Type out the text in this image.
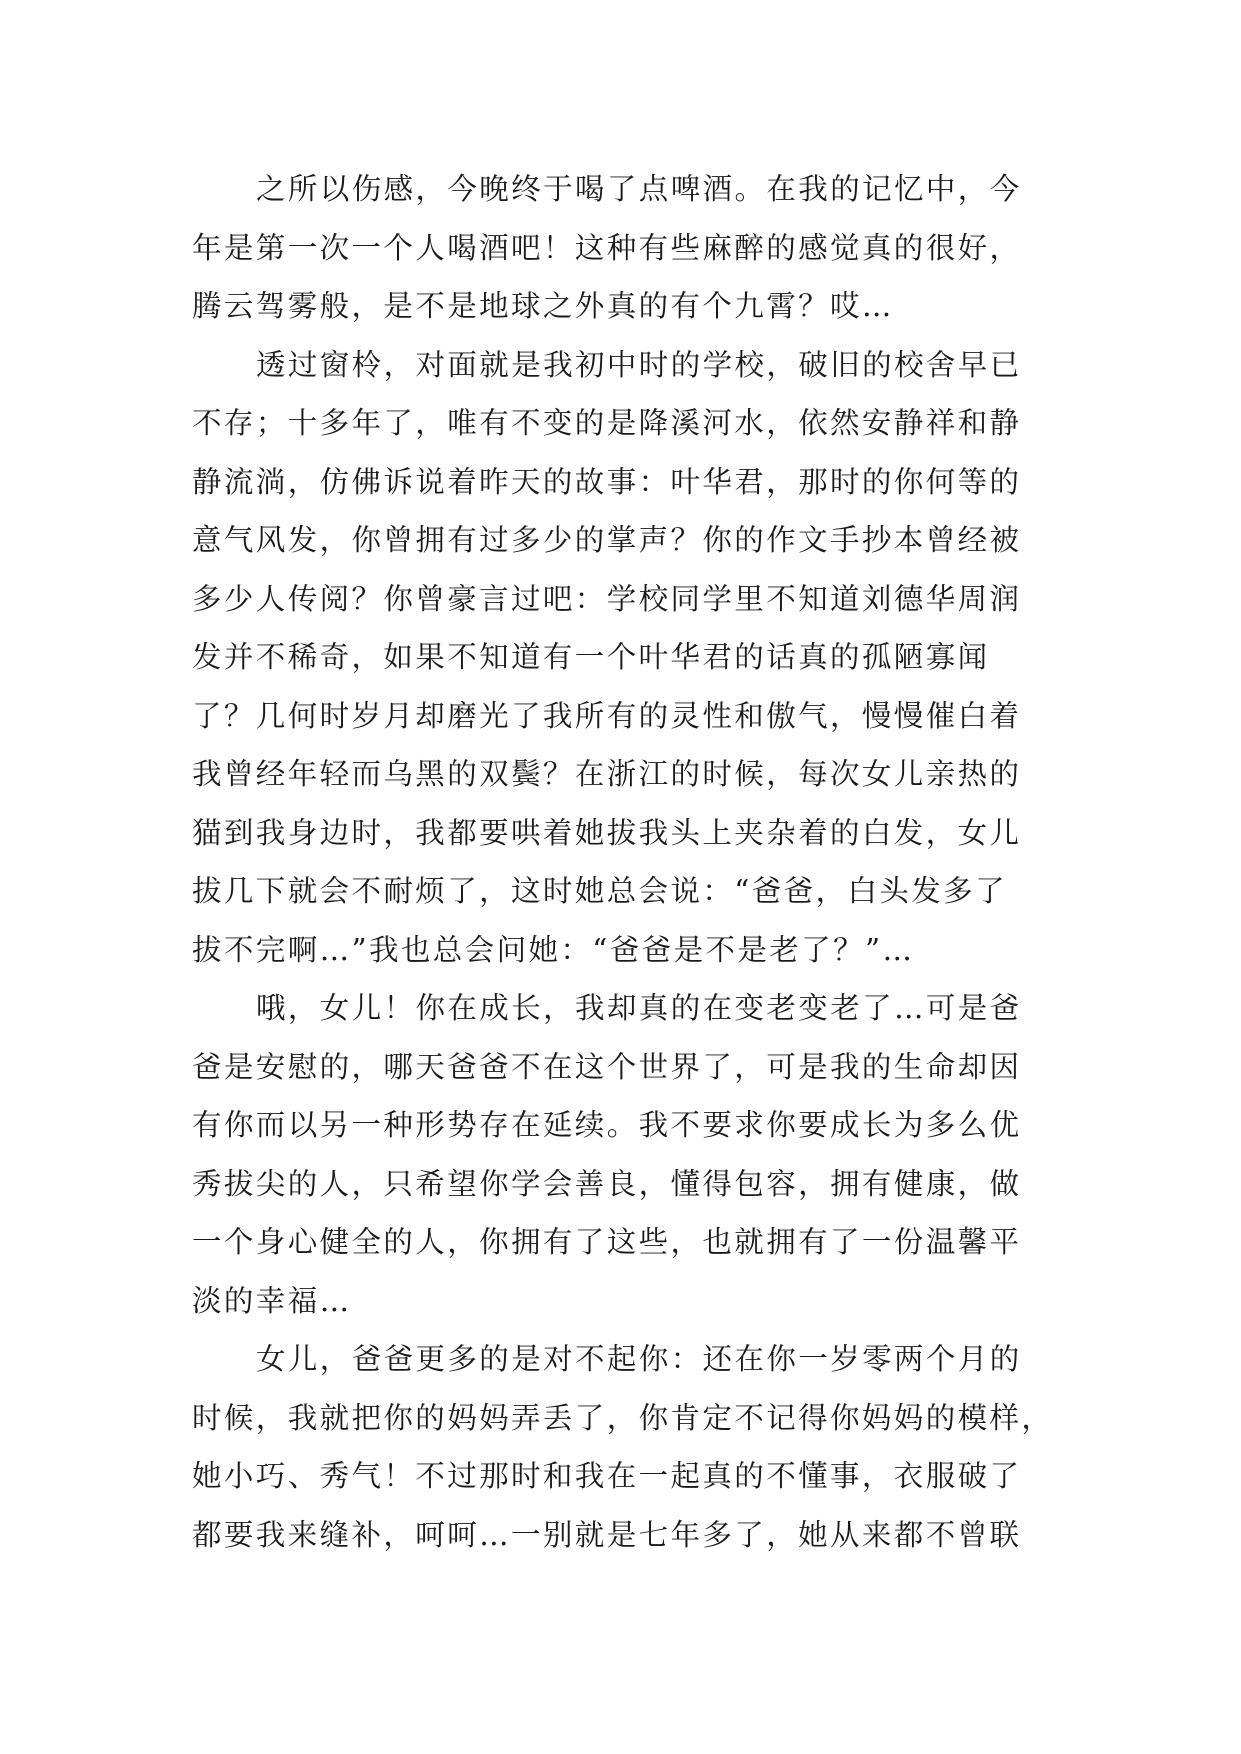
之所以伤感，今晚终于喝了点啤酒。在我的记忆中，今
年是第一次一个人喝酒吧！这种有些麻醉的感觉真的很好，
腾云驾雾般，是不是地球之外真的有个九霄？哎…

透过窗柃，对面就是我初中时的学校，破旧的校舍早已
不存；十多年了，唯有不变的是降溪河水，依然安静祥和静
静流淌，仿佛诉说着昨天的故事：叶华君，那时的你何等的
意气风发，你曾拥有过多少的掌声？你的作文手抄本曾经被
多少人传阅？你曾豪言过吧：学校同学里不知道刘德华周润
发并不稀奇，如果不知道有一个叶华君的话真的孤陋寡闻
了？几何时岁月却磨光了我所有的灵性和傲气，慢慢催白着
我曾经年轻而乌黑的双鬓？在浙江的时候，每次女儿亲热的
猫到我身边时，我都要哄着她拔我头上夹杂着的白发，女儿
拔几下就会不耐烦了，这时她总会说：“爸爸，白头发多了
拔不完啊…”我也总会问她：“爸爸是不是老了？”…

哦，女儿！你在成长，我却真的在变老变老了…可是爸
爸是安慰的，哪天爸爸不在这个世界了，可是我的生命却因
有你而以另一种形势存在延续。我不要求你要成长为多么优
秀拔尖的人，只希望你学会善良，懂得包容，拥有健康，做
一个身心健全的人，你拥有了这些，也就拥有了一份温馨平
淡的幸福…

女儿，爸爸更多的是对不起你：还在你一岁零两个月的
时候，我就把你的妈妈弄丢了，你肯定不记得你妈妈的模样，
她小巧、秀气！不过那时和我在一起真的不懂事，衣服破了
都要我来缝补，呵呵…一别就是七年多了，她从来都不曾联
